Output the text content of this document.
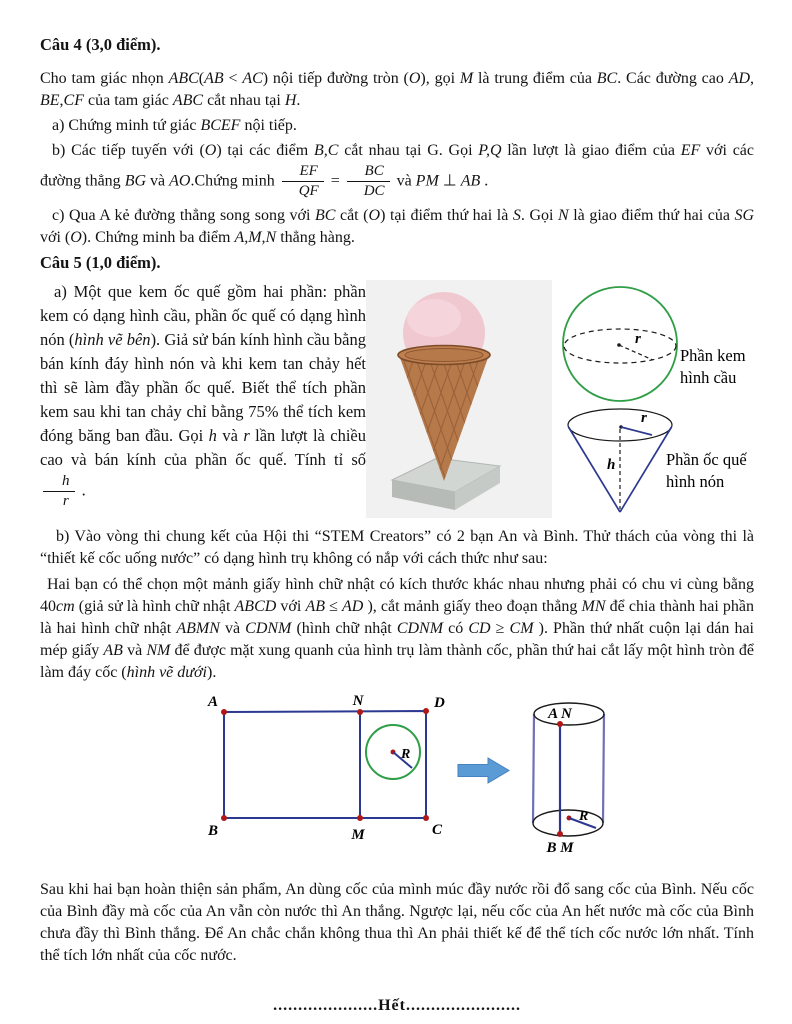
Câu 4 (3,0 điểm).

Cho tam giác nhọn ABC(AB < AC) nội tiếp đường tròn (O), gọi M là trung điểm của BC. Các đường cao AD, BE,CF của tam giác ABC cắt nhau tại H.

a) Chứng minh tứ giác BCEF nội tiếp.

b) Các tiếp tuyến với (O) tại các điểm B,C cắt nhau tại G. Gọi P,Q lần lượt là giao điểm của EF với các đường thẳng BG và AO.Chứng minh $\frac{EF}{QF} = \frac{BC}{DC}$ và PM ⊥ AB .

c) Qua A kẻ đường thẳng song song với BC cắt (O) tại điểm thứ hai là S. Gọi N là giao điểm thứ hai của SG với (O). Chứng minh ba điểm A,M,N thẳng hàng.

Câu 5 (1,0 điểm).

a) Một que kem ốc quế gồm hai phần: phần kem có dạng hình cầu, phần ốc quế có dạng hình nón (hình vẽ bên). Giả sử bán kính hình cầu bằng bán kính đáy hình nón và khi kem tan chảy hết thì sẽ làm đầy phần ốc quế. Biết thể tích phần kem sau khi tan chảy chỉ bằng 75% thể tích kem đóng băng ban đầu. Gọi h và r lần lượt là chiều cao và bán kính của phần ốc quế. Tính tỉ số
$\frac{h}{r}$ .

r
Phần kem
hình cầu
r
h	Phần ốc quế
hình nón

b) Vào vòng thi chung kết của Hội thi “STEM Creators” có 2 bạn An và Bình. Thử thách của vòng thi là “thiết kế cốc uống nước” có dạng hình trụ không có nắp với cách thức như sau:

Hai bạn có thể chọn một mảnh giấy hình chữ nhật có kích thước khác nhau nhưng phải có chu vi cùng bằng 40cm (giả sử là hình chữ nhật ABCD với AB ≤ AD ), cắt mảnh giấy theo đoạn thẳng MN để chia thành hai phần là hai hình chữ nhật ABMN và CDNM (hình chữ nhật CDNM có CD ≥ CM ). Phần thứ nhất cuộn lại dán hai mép giấy AB và NM để được mặt xung quanh của hình trụ làm thành cốc, phần thứ hai cắt lấy một hình tròn để làm đáy cốc (hình vẽ dưới).

A	N	D
B	M	C
R
A N
B M
R

Sau khi hai bạn hoàn thiện sản phẩm, An dùng cốc của mình múc đầy nước rồi đổ sang cốc của Bình. Nếu cốc của Bình đầy mà cốc của An vẫn còn nước thì An thắng. Ngược lại, nếu cốc của An hết nước mà cốc của Bình chưa đầy thì Bình thắng. Để An chắc chắn không thua thì An phải thiết kế để thể tích cốc nước lớn nhất. Tính thể tích lớn nhất của cốc nước.

.....................Hết.......................
